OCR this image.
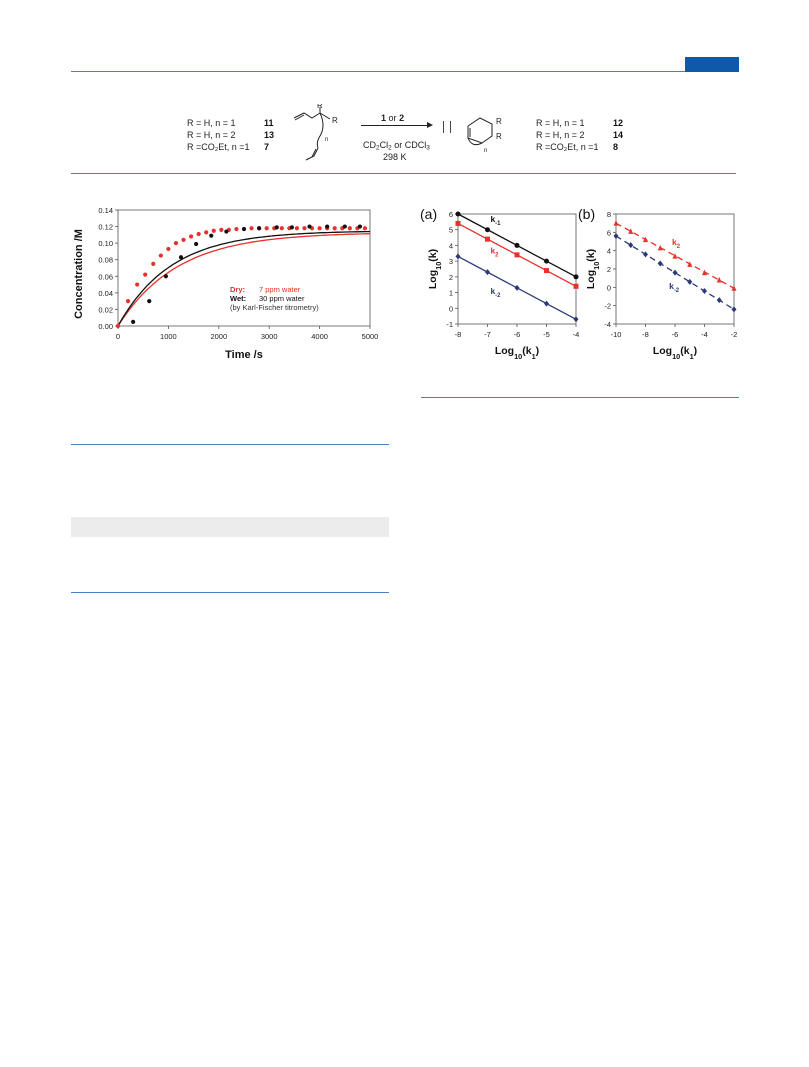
R = H, n = 1	11
R = H, n = 2	13
R =CO₂Et, n =1 7
R
R
n
1 or 2
$CD_2Cl_2$ or CDCl$_3$
298 K
R
R
n
R = H, n = 1	12
R = H, n = 2	14
R =CO₂Et, n =1 8
0.00
0.02
0.04
0.06
0.08
0.10
0.12
0.14
0	1000	2000	3000	4000	5000
Time /s
Concentration /M	Dry: 7 ppm water
Wet: 30 ppm water
(by Karl-Fischer titrometry)
(a)
-1
0
1
2
3
4
5
6
-8	-7	-6	-5	-4
$Log_{10}(k_1)$
Log$_{10}$(k)
$k_{-1}$
$k_2$
$k_{-2}$
(b)
-4
-2
0
2
4
6
8
-10	-8	-6	-4	-2
$Log_{10}(k_1)$
Log$_{10}$(k)
$k_2$
$k_{-2}$
